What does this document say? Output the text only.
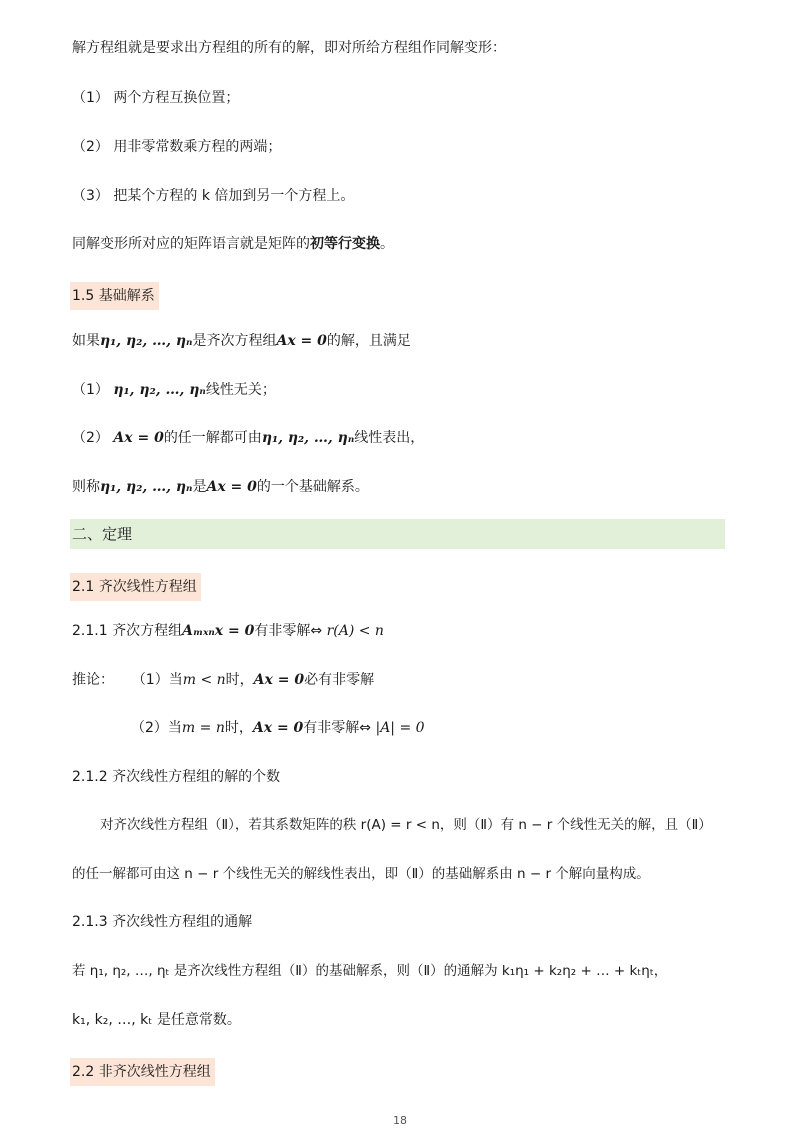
解方程组就是要求出方程组的所有的解，即对所给方程组作同解变形：
（1） 两个方程互换位置；
（2） 用非零常数乘方程的两端；
（3） 把某个方程的 k 倍加到另一个方程上。
同解变形所对应的矩阵语言就是矩阵的初等行变换。
1.5 基础解系
如果η₁, η₂, …, ηₙ是齐次方程组Ax = 0的解，且满足
（1） η₁, η₂, …, ηₙ线性无关；
（2） Ax = 0的任一解都可由η₁, η₂, …, ηₙ线性表出，
则称η₁, η₂, …, ηₙ是Ax = 0的一个基础解系。
二、定理
2.1 齐次线性方程组
2.1.1 齐次方程组Aₘₓₙx = 0有非零解⇔ r(A) < n
推论： （1）当m < n时，Ax = 0必有非零解
（2）当m = n时，Ax = 0有非零解⇔ |A| = 0
2.1.2 齐次线性方程组的解的个数
对齐次线性方程组（Ⅱ），若其系数矩阵的秩 r(A) = r < n，则（Ⅱ）有 n − r 个线性无关的解，且（Ⅱ）
的任一解都可由这 n − r 个线性无关的解线性表出，即（Ⅱ）的基础解系由 n − r 个解向量构成。
2.1.3 齐次线性方程组的通解
若 η₁, η₂, …, ηₜ 是齐次线性方程组（Ⅱ）的基础解系，则（Ⅱ）的通解为 k₁η₁ + k₂η₂ + … + kₜηₜ，
k₁, k₂, …, kₜ 是任意常数。
2.2 非齐次线性方程组
18
